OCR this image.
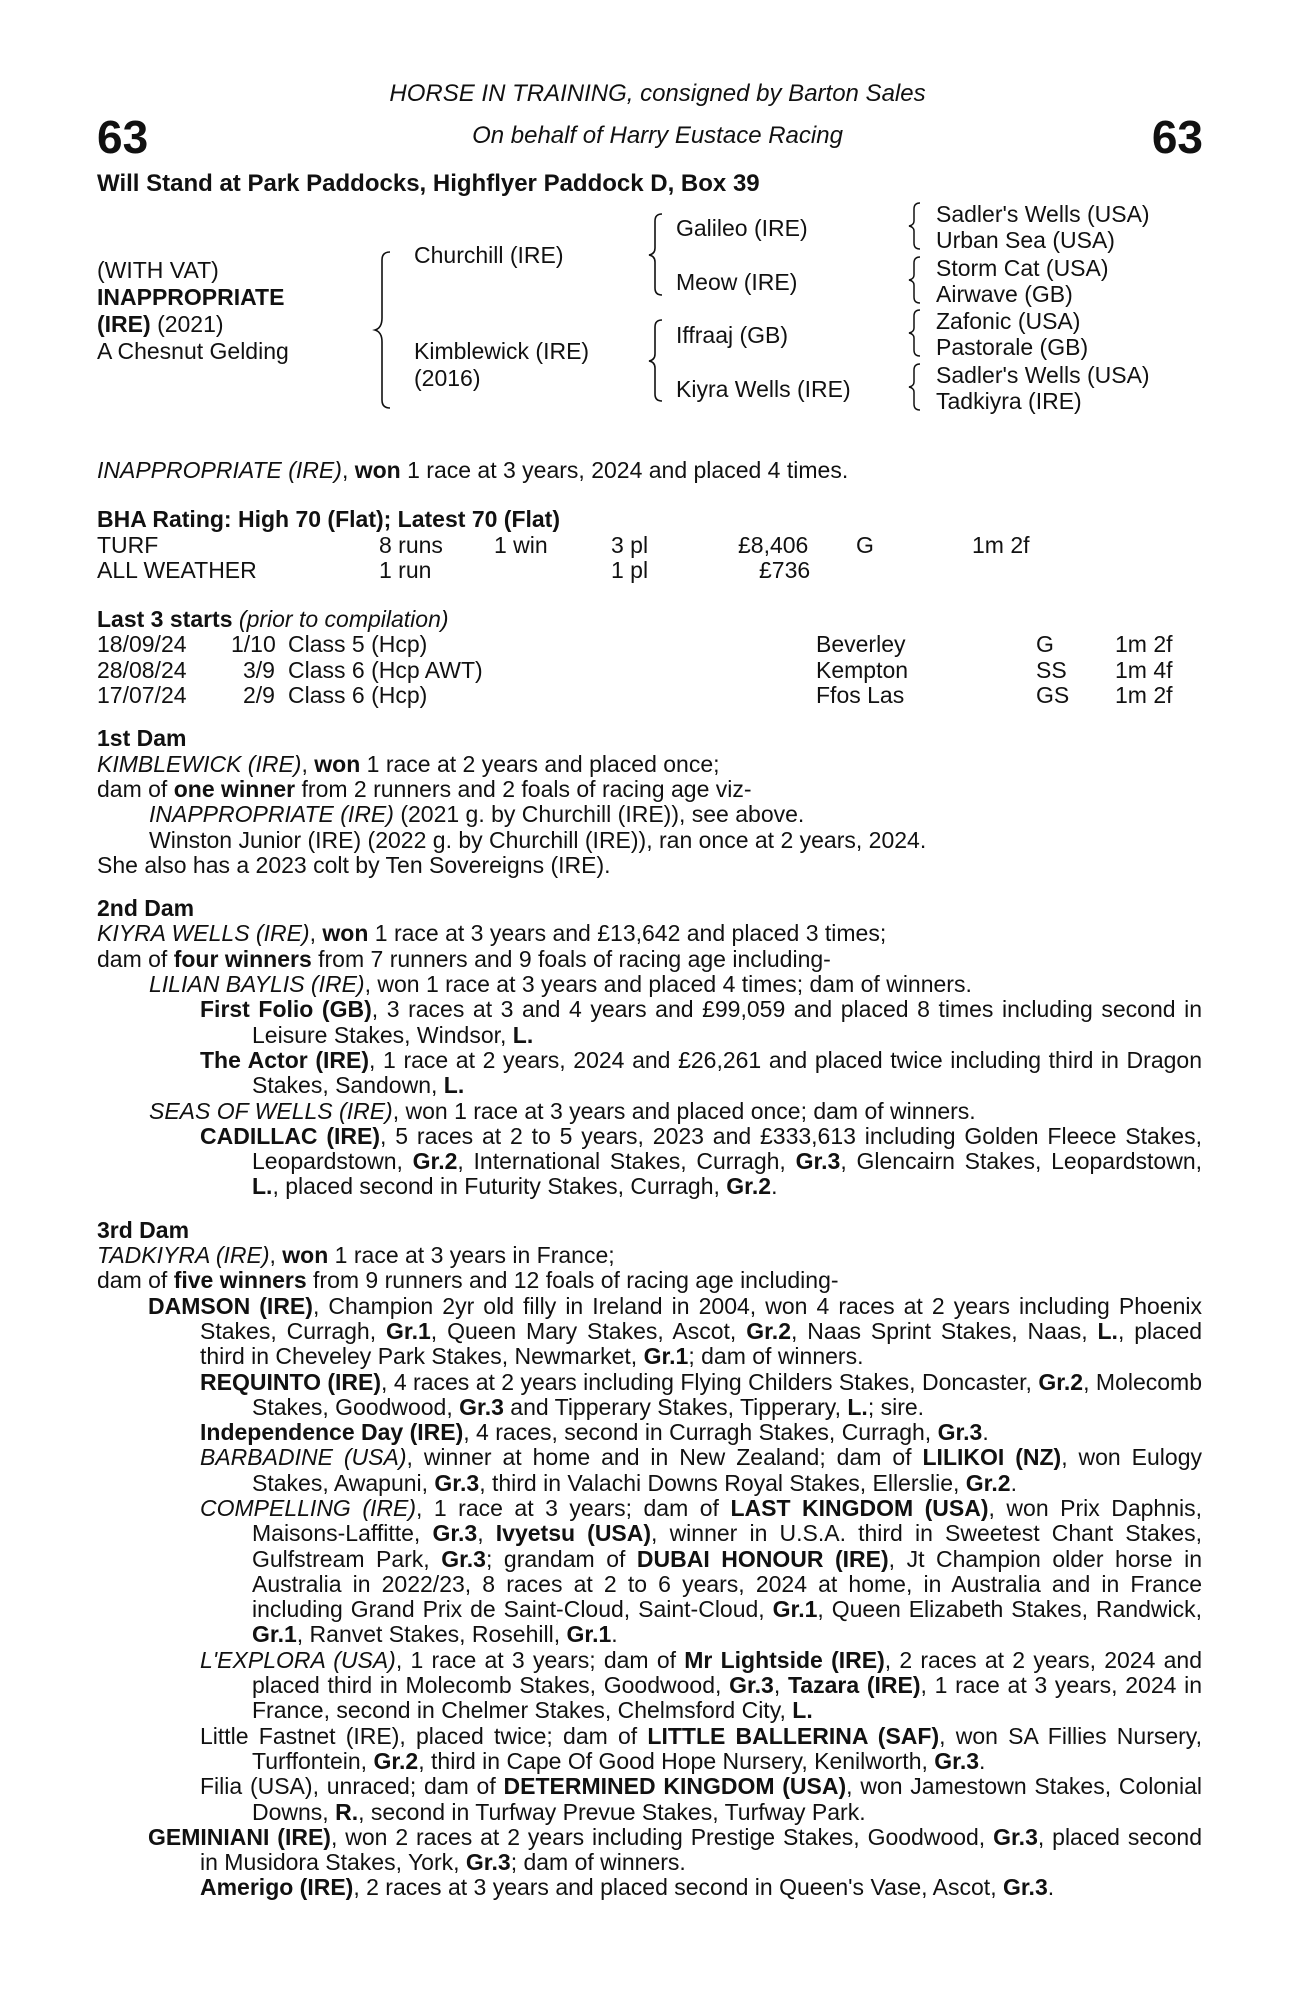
63	63
HORSE IN TRAINING, consigned by Barton Sales
On behalf of Harry Eustace Racing
Will Stand at Park Paddocks, Highflyer Paddock D, Box 39
(WITH VAT)
INAPPROPRIATE
(IRE) (2021)
A Chesnut Gelding
Churchill (IRE)
Kimblewick (IRE)
(2016)
Galileo (IRE)
Meow (IRE)
Iffraaj (GB)
Kiyra Wells (IRE)
Sadler's Wells (USA)
Urban Sea (USA)
Storm Cat (USA)
Airwave (GB)
Zafonic (USA)
Pastorale (GB)
Sadler's Wells (USA)
Tadkiyra (IRE)

INAPPROPRIATE (IRE), won 1 race at 3 years, 2024 and placed 4 times.

BHA Rating: High 70 (Flat); Latest 70 (Flat)

TURF	8 runs 1 win	3 pl	£8,406 G	1m 2f
ALL WEATHER	1 run	1 pl	£736

Last 3 starts (prior to compilation)

18/09/24 1/10 Class 5 (Hcp)	Beverley	G	1m 2f
28/08/24 3/9 Class 6 (Hcp AWT)	Kempton	SS 1m 4f
17/07/24 2/9 Class 6 (Hcp)	Ffos Las	GS 1m 2f

1st Dam

KIMBLEWICK (IRE), won 1 race at 2 years and placed once;

dam of one winner from 2 runners and 2 foals of racing age viz-

INAPPROPRIATE (IRE) (2021 g. by Churchill (IRE)), see above.

Winston Junior (IRE) (2022 g. by Churchill (IRE)), ran once at 2 years, 2024.

She also has a 2023 colt by Ten Sovereigns (IRE).

2nd Dam

KIYRA WELLS (IRE), won 1 race at 3 years and £13,642 and placed 3 times;

dam of four winners from 7 runners and 9 foals of racing age including-

LILIAN BAYLIS (IRE), won 1 race at 3 years and placed 4 times; dam of winners.

First Folio (GB), 3 races at 3 and 4 years and £99,059 and placed 8 times including second in Leisure Stakes, Windsor, L.

The Actor (IRE), 1 race at 2 years, 2024 and £26,261 and placed twice including third in Dragon Stakes, Sandown, L.

SEAS OF WELLS (IRE), won 1 race at 3 years and placed once; dam of winners.

CADILLAC (IRE), 5 races at 2 to 5 years, 2023 and £333,613 including Golden Fleece Stakes, Leopardstown, Gr.2, International Stakes, Curragh, Gr.3, Glencairn Stakes, Leopardstown, L., placed second in Futurity Stakes, Curragh, Gr.2.

3rd Dam

TADKIYRA (IRE), won 1 race at 3 years in France;

dam of five winners from 9 runners and 12 foals of racing age including-

DAMSON (IRE), Champion 2yr old filly in Ireland in 2004, won 4 races at 2 years including Phoenix Stakes, Curragh, Gr.1, Queen Mary Stakes, Ascot, Gr.2, Naas Sprint Stakes, Naas, L., placed third in Cheveley Park Stakes, Newmarket, Gr.1; dam of winners.

REQUINTO (IRE), 4 races at 2 years including Flying Childers Stakes, Doncaster, Gr.2, Molecomb Stakes, Goodwood, Gr.3 and Tipperary Stakes, Tipperary, L.; sire.

Independence Day (IRE), 4 races, second in Curragh Stakes, Curragh, Gr.3.

BARBADINE (USA), winner at home and in New Zealand; dam of LILIKOI (NZ), won Eulogy Stakes, Awapuni, Gr.3, third in Valachi Downs Royal Stakes, Ellerslie, Gr.2.

COMPELLING (IRE), 1 race at 3 years; dam of LAST KINGDOM (USA), won Prix Daphnis, Maisons-Laffitte, Gr.3, Ivyetsu (USA), winner in U.S.A. third in Sweetest Chant Stakes, Gulfstream Park, Gr.3; grandam of DUBAI HONOUR (IRE), Jt Champion older horse in Australia in 2022/23, 8 races at 2 to 6 years, 2024 at home, in Australia and in France including Grand Prix de Saint-Cloud, Saint-Cloud, Gr.1, Queen Elizabeth Stakes, Randwick, Gr.1, Ranvet Stakes, Rosehill, Gr.1.

L'EXPLORA (USA), 1 race at 3 years; dam of Mr Lightside (IRE), 2 races at 2 years, 2024 and placed third in Molecomb Stakes, Goodwood, Gr.3, Tazara (IRE), 1 race at 3 years, 2024 in France, second in Chelmer Stakes, Chelmsford City, L.

Little Fastnet (IRE), placed twice; dam of LITTLE BALLERINA (SAF), won SA Fillies Nursery, Turffontein, Gr.2, third in Cape Of Good Hope Nursery, Kenilworth, Gr.3.

Filia (USA), unraced; dam of DETERMINED KINGDOM (USA), won Jamestown Stakes, Colonial Downs, R., second in Turfway Prevue Stakes, Turfway Park.

GEMINIANI (IRE), won 2 races at 2 years including Prestige Stakes, Goodwood, Gr.3, placed second in Musidora Stakes, York, Gr.3; dam of winners.

Amerigo (IRE), 2 races at 3 years and placed second in Queen's Vase, Ascot, Gr.3.
